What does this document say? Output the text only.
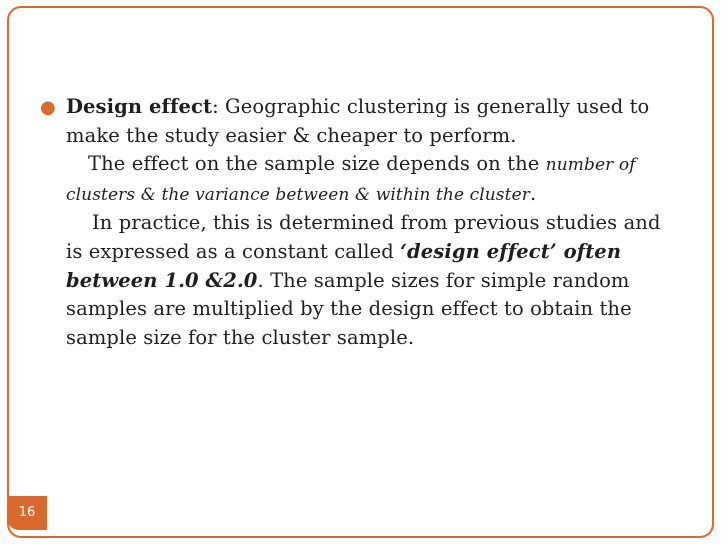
● Design effect: Geographic clustering is generally used to make the study easier & cheaper to perform.

The effect on the sample size depends on the number of clusters & the variance between & within the cluster.

In practice, this is determined from previous studies and is expressed as a constant called ‘design effect’ often between 1.0 &2.0. The sample sizes for simple random samples are multiplied by the design effect to obtain the sample size for the cluster sample.

16
